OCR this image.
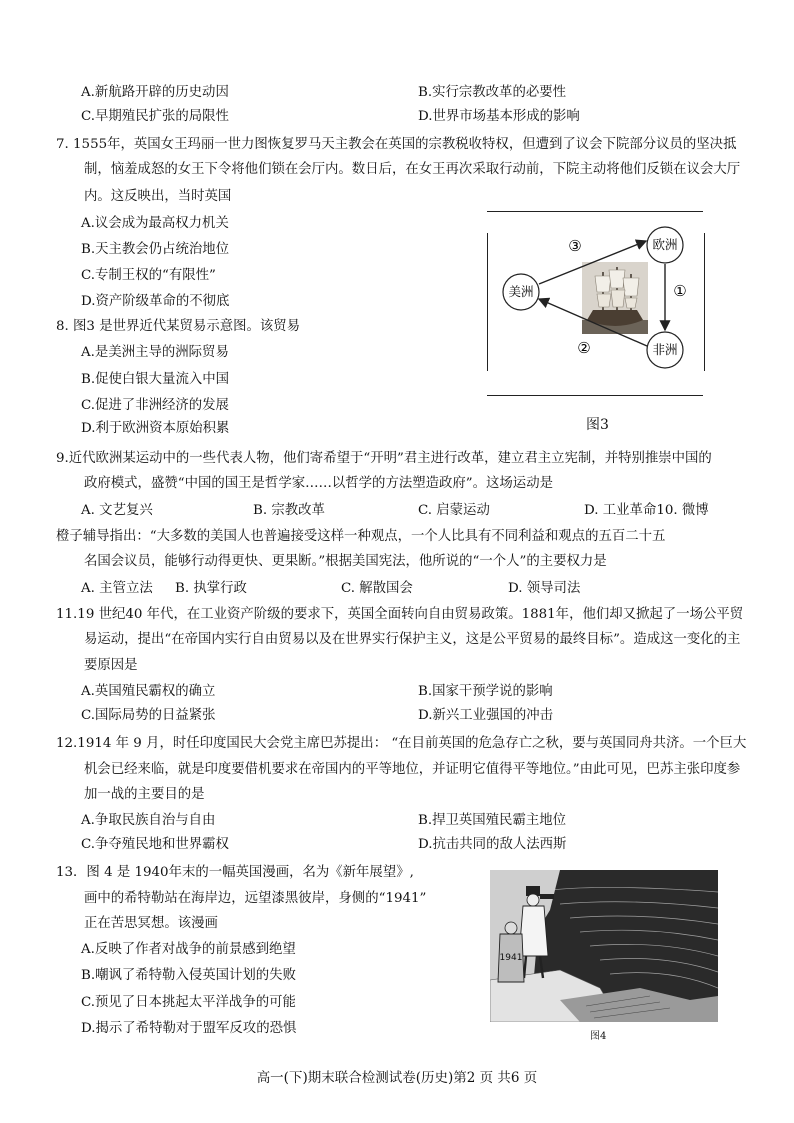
A.新航路开辟的历史动因	B.实行宗教改革的必要性
C.早期殖民扩张的局限性	D.世界市场基本形成的影响
7. 1555年，英国女王玛丽一世力图恢复罗马天主教会在英国的宗教税收特权，但遭到了议会下院部分议员的坚决抵
制，恼羞成怒的女王下令将他们锁在会厅内。数日后，在女王再次采取行动前，下院主动将他们反锁在议会大厅
内。这反映出，当时英国
A.议会成为最高权力机关
B.天主教会仍占统治地位
C.专制王权的“有限性”
D.资产阶级革命的不彻底
8. 图3 是世界近代某贸易示意图。该贸易
A.是美洲主导的洲际贸易
B.促使白银大量流入中国
C.促进了非洲经济的发展
D.利于欧洲资本原始积累
欧洲
美洲
非洲
③
①
②
图3
9.近代欧洲某运动中的一些代表人物，他们寄希望于“开明”君主进行改革，建立君主立宪制，并特别推崇中国的
政府模式，盛赞“中国的国王是哲学家……以哲学的方法塑造政府”。这场运动是
A. 文艺复兴	B. 宗教改革	C. 启蒙运动	D. 工业革命10. 微博
橙子辅导指出：“大多数的美国人也普遍接受这样一种观点，一个人比具有不同利益和观点的五百二十五
名国会议员，能够行动得更快、更果断。”根据美国宪法，他所说的“一个人”的主要权力是
A. 主管立法 B. 执掌行政	C. 解散国会	D. 领导司法
11.19 世纪40 年代，在工业资产阶级的要求下，英国全面转向自由贸易政策。1881年，他们却又掀起了一场公平贸
易运动，提出“在帝国内实行自由贸易以及在世界实行保护主义，这是公平贸易的最终目标”。造成这一变化的主
要原因是
A.英国殖民霸权的确立	B.国家干预学说的影响
C.国际局势的日益紧张	D.新兴工业强国的冲击
12.1914 年 9 月，时任印度国民大会党主席巴苏提出： “在目前英国的危急存亡之秋，要与英国同舟共济。一个巨大
机会已经来临，就是印度要借机要求在帝国内的平等地位，并证明它值得平等地位。”由此可见，巴苏主张印度参
加一战的主要目的是
A.争取民族自治与自由	B.捍卫英国殖民霸主地位
C.争夺殖民地和世界霸权	D.抗击共同的敌人法西斯
13．图 4 是 1940年末的一幅英国漫画，名为《新年展望》,
画中的希特勒站在海岸边，远望漆黑彼岸，身侧的“1941”
正在苦思冥想。该漫画
A.反映了作者对战争的前景感到绝望
B.嘲讽了希特勒入侵英国计划的失败
C.预见了日本挑起太平洋战争的可能
D.揭示了希特勒对于盟军反攻的恐惧
1941
图4
高一(下)期末联合检测试卷(历史)第2 页 共6 页
